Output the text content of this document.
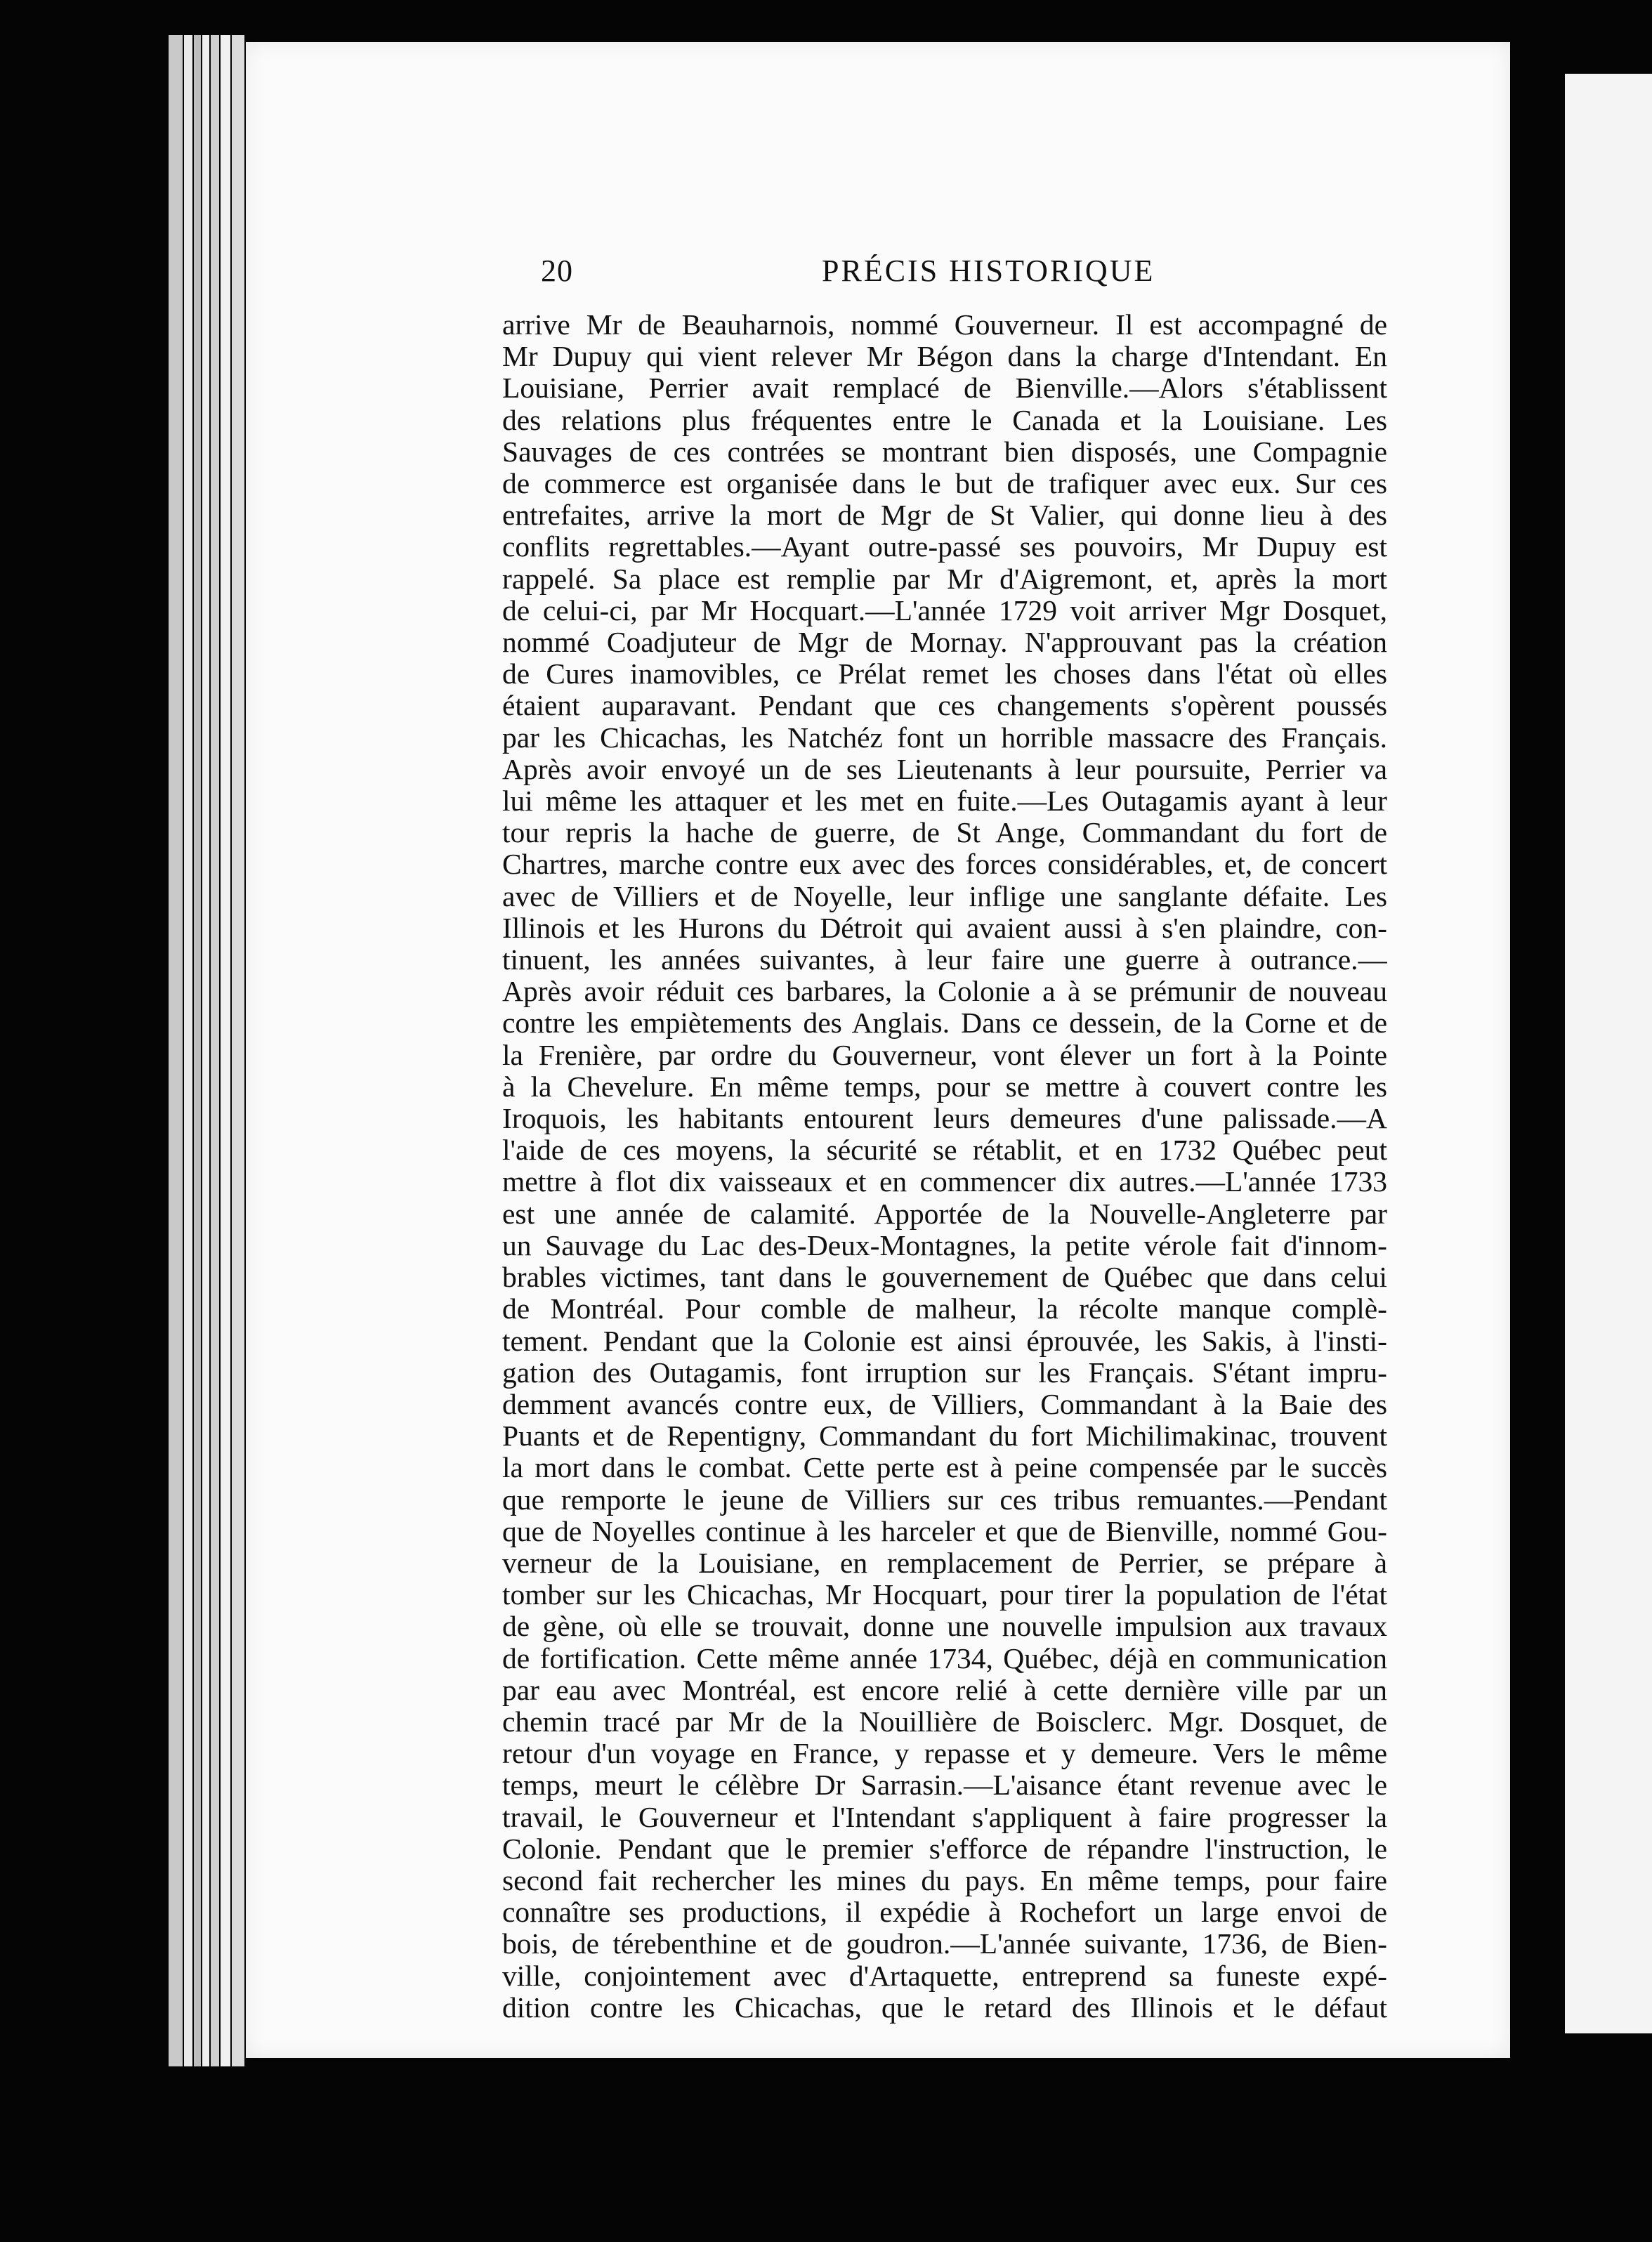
20	PRÉCIS HISTORIQUE
arrive Mr de Beauharnois, nommé Gouverneur. Il est accompagné de
Mr Dupuy qui vient relever Mr Bégon dans la charge d'Intendant. En
Louisiane, Perrier avait remplacé de Bienville.—Alors s'établissent
des relations plus fréquentes entre le Canada et la Louisiane. Les
Sauvages de ces contrées se montrant bien disposés, une Compagnie
de commerce est organisée dans le but de trafiquer avec eux. Sur ces
entrefaites, arrive la mort de Mgr de St Valier, qui donne lieu à des
conflits regrettables.—Ayant outre-passé ses pouvoirs, Mr Dupuy est
rappelé. Sa place est remplie par Mr d'Aigremont, et, après la mort
de celui-ci, par Mr Hocquart.—L'année 1729 voit arriver Mgr Dosquet,
nommé Coadjuteur de Mgr de Mornay. N'approuvant pas la création
de Cures inamovibles, ce Prélat remet les choses dans l'état où elles
étaient auparavant. Pendant que ces changements s'opèrent poussés
par les Chicachas, les Natchéz font un horrible massacre des Français.
Après avoir envoyé un de ses Lieutenants à leur poursuite, Perrier va
lui même les attaquer et les met en fuite.—Les Outagamis ayant à leur
tour repris la hache de guerre, de St Ange, Commandant du fort de
Chartres, marche contre eux avec des forces considérables, et, de concert
avec de Villiers et de Noyelle, leur inflige une sanglante défaite. Les
Illinois et les Hurons du Détroit qui avaient aussi à s'en plaindre, con-
tinuent, les années suivantes, à leur faire une guerre à outrance.—
Après avoir réduit ces barbares, la Colonie a à se prémunir de nouveau
contre les empiètements des Anglais. Dans ce dessein, de la Corne et de
la Frenière, par ordre du Gouverneur, vont élever un fort à la Pointe
à la Chevelure. En même temps, pour se mettre à couvert contre les
Iroquois, les habitants entourent leurs demeures d'une palissade.—A
l'aide de ces moyens, la sécurité se rétablit, et en 1732 Québec peut
mettre à flot dix vaisseaux et en commencer dix autres.—L'année 1733
est une année de calamité. Apportée de la Nouvelle-Angleterre par
un Sauvage du Lac des-Deux-Montagnes, la petite vérole fait d'innom-
brables victimes, tant dans le gouvernement de Québec que dans celui
de Montréal. Pour comble de malheur, la récolte manque complè-
tement. Pendant que la Colonie est ainsi éprouvée, les Sakis, à l'insti-
gation des Outagamis, font irruption sur les Français. S'étant impru-
demment avancés contre eux, de Villiers, Commandant à la Baie des
Puants et de Repentigny, Commandant du fort Michilimakinac, trouvent
la mort dans le combat. Cette perte est à peine compensée par le succès
que remporte le jeune de Villiers sur ces tribus remuantes.—Pendant
que de Noyelles continue à les harceler et que de Bienville, nommé Gou-
verneur de la Louisiane, en remplacement de Perrier, se prépare à
tomber sur les Chicachas, Mr Hocquart, pour tirer la population de l'état
de gène, où elle se trouvait, donne une nouvelle impulsion aux travaux
de fortification. Cette même année 1734, Québec, déjà en communication
par eau avec Montréal, est encore relié à cette dernière ville par un
chemin tracé par Mr de la Nouillière de Boisclerc. Mgr. Dosquet, de
retour d'un voyage en France, y repasse et y demeure. Vers le même
temps, meurt le célèbre Dr Sarrasin.—L'aisance étant revenue avec le
travail, le Gouverneur et l'Intendant s'appliquent à faire progresser la
Colonie. Pendant que le premier s'efforce de répandre l'instruction, le
second fait rechercher les mines du pays. En même temps, pour faire
connaître ses productions, il expédie à Rochefort un large envoi de
bois, de térebenthine et de goudron.—L'année suivante, 1736, de Bien-
ville, conjointement avec d'Artaquette, entreprend sa funeste expé-
dition contre les Chicachas, que le retard des Illinois et le défaut
